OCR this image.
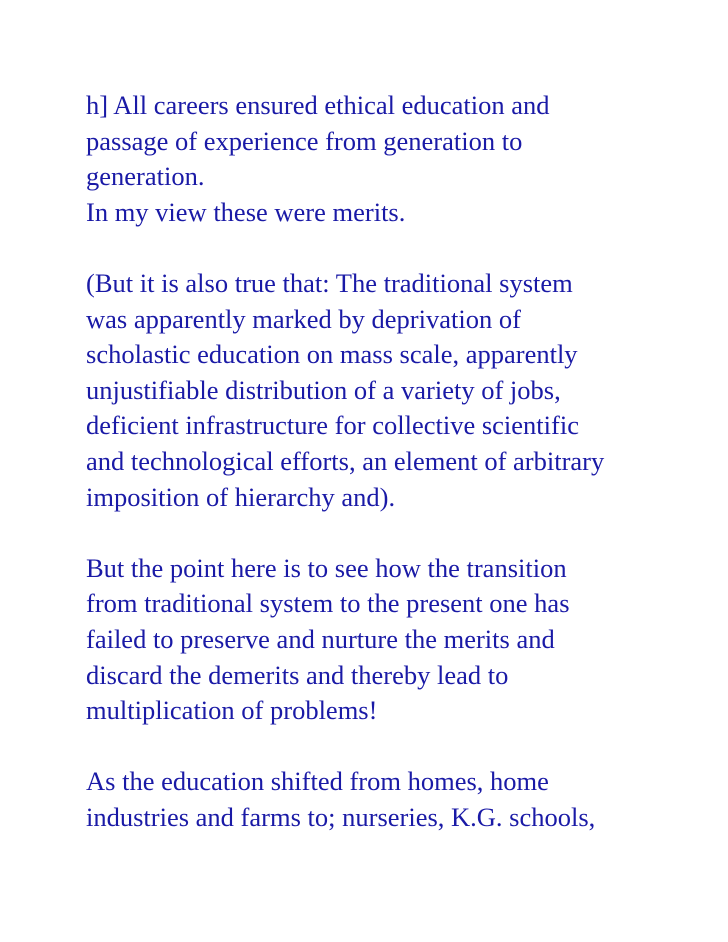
h] All careers ensured ethical education and
passage of experience from generation to
generation.
In my view these were merits.
(But it is also true that: The traditional system
was apparently marked by deprivation of
scholastic education on mass scale, apparently
unjustifiable distribution of a variety of jobs,
deficient infrastructure for collective scientific
and technological efforts, an element of arbitrary
imposition of hierarchy and).
But the point here is to see how the transition
from traditional system to the present one has
failed to preserve and nurture the merits and
discard the demerits and thereby lead to
multiplication of problems!
As the education shifted from homes, home
industries and farms to; nurseries, K.G. schools,
